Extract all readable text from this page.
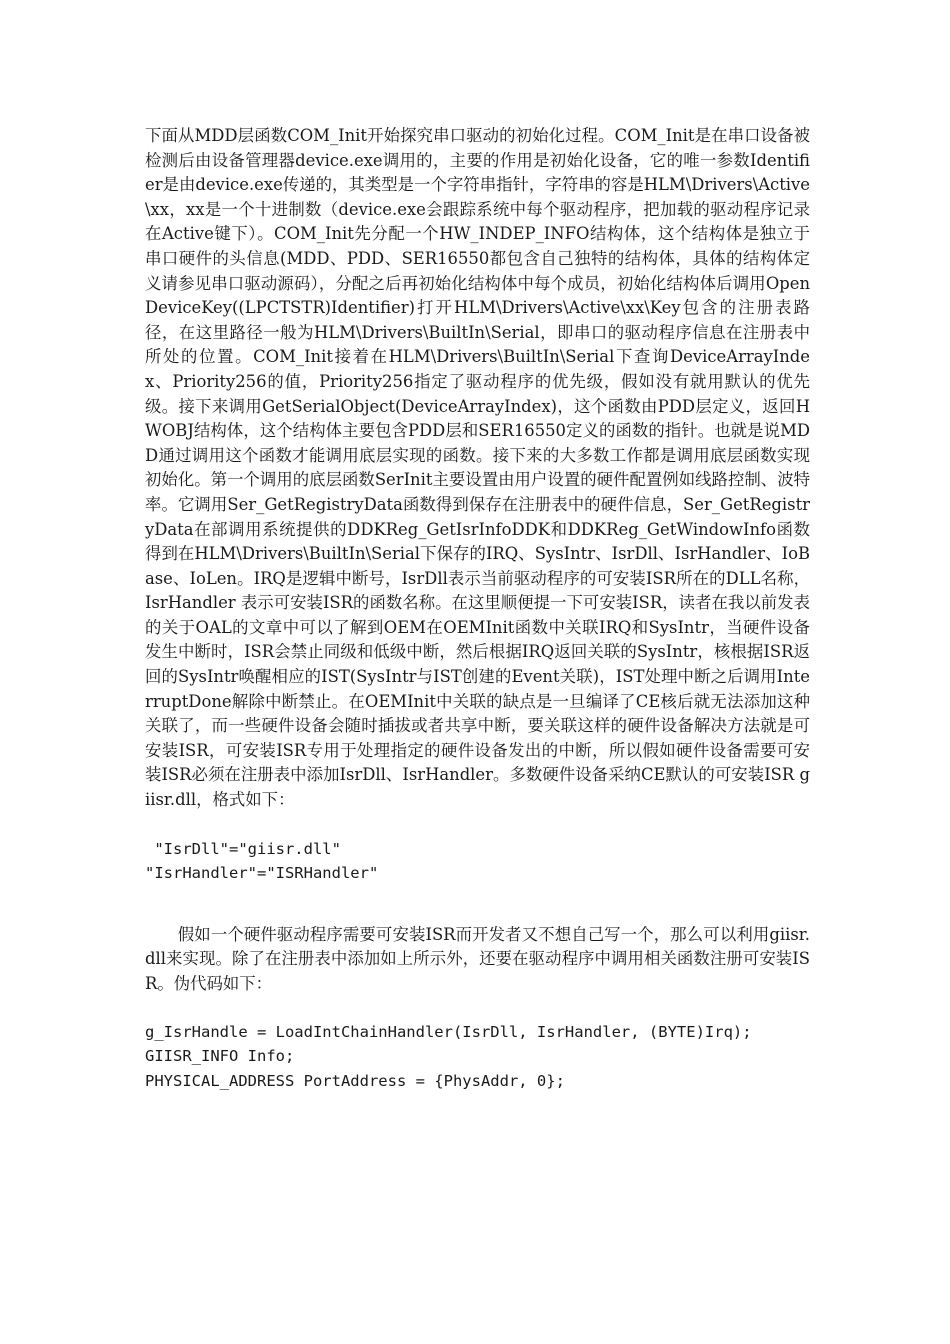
下面从MDD层函数COM_Init开始探究串口驱动的初始化过程。COM_Init是在串口设备被检测后由设备管理器device.exe调用的，主要的作用是初始化设备，它的唯一参数Identifier是由device.exe传递的，其类型是一个字符串指针，字符串的容是HLM\Drivers\Active\xx，xx是一个十进制数（device.exe会跟踪系统中每个驱动程序，把加载的驱动程序记录在Active键下）。COM_Init先分配一个HW_INDEP_INFO结构体，这个结构体是独立于串口硬件的头信息(MDD、PDD、SER16550都包含自己独特的结构体，具体的结构体定义请参见串口驱动源码），分配之后再初始化结构体中每个成员，初始化结构体后调用OpenDeviceKey((LPCTSTR)Identifier)打开HLM\Drivers\Active\xx\Key包含的注册表路径，在这里路径一般为HLM\Drivers\BuiltIn\Serial，即串口的驱动程序信息在注册表中所处的位置。COM_Init接着在HLM\Drivers\BuiltIn\Serial下查询DeviceArrayIndex、Priority256的值，Priority256指定了驱动程序的优先级，假如没有就用默认的优先级。接下来调用GetSerialObject(DeviceArrayIndex)，这个函数由PDD层定义，返回HWOBJ结构体，这个结构体主要包含PDD层和SER16550定义的函数的指针。也就是说MDD通过调用这个函数才能调用底层实现的函数。接下来的大多数工作都是调用底层函数实现初始化。第一个调用的底层函数SerInit主要设置由用户设置的硬件配置例如线路控制、波特率。它调用Ser_GetRegistryData函数得到保存在注册表中的硬件信息，Ser_GetRegistryData在部调用系统提供的DDKReg_GetIsrInfoDDK和DDKReg_GetWindowInfo函数得到在HLM\Drivers\BuiltIn\Serial下保存的IRQ、SysIntr、IsrDll、IsrHandler、IoBase、IoLen。IRQ是逻辑中断号，IsrDll表示当前驱动程序的可安装ISR所在的DLL名称，IsrHandler 表示可安装ISR的函数名称。在这里顺便提一下可安装ISR，读者在我以前发表的关于OAL的文章中可以了解到OEM在OEMInit函数中关联IRQ和SysIntr，当硬件设备发生中断时，ISR会禁止同级和低级中断，然后根据IRQ返回关联的SysIntr，核根据ISR返回的SysIntr唤醒相应的IST(SysIntr与IST创建的Event关联)，IST处理中断之后调用InterruptDone解除中断禁止。在OEMInit中关联的缺点是一旦编译了CE核后就无法添加这种关联了，而一些硬件设备会随时插拔或者共享中断，要关联这样的硬件设备解决方法就是可安装ISR，可安装ISR专用于处理指定的硬件设备发出的中断，所以假如硬件设备需要可安装ISR必须在注册表中添加IsrDll、IsrHandler。多数硬件设备采纳CE默认的可安装ISR giisr.dll，格式如下：

"IsrDll"="giisr.dll"

"IsrHandler"="ISRHandler"

假如一个硬件驱动程序需要可安装ISR而开发者又不想自己写一个，那么可以利用giisr.dll来实现。除了在注册表中添加如上所示外，还要在驱动程序中调用相关函数注册可安装ISR。伪代码如下：

g_IsrHandle = LoadIntChainHandler(IsrDll, IsrHandler, (BYTE)Irq);

GIISR_INFO Info;

PHYSICAL_ADDRESS PortAddress = {PhysAddr, 0};
